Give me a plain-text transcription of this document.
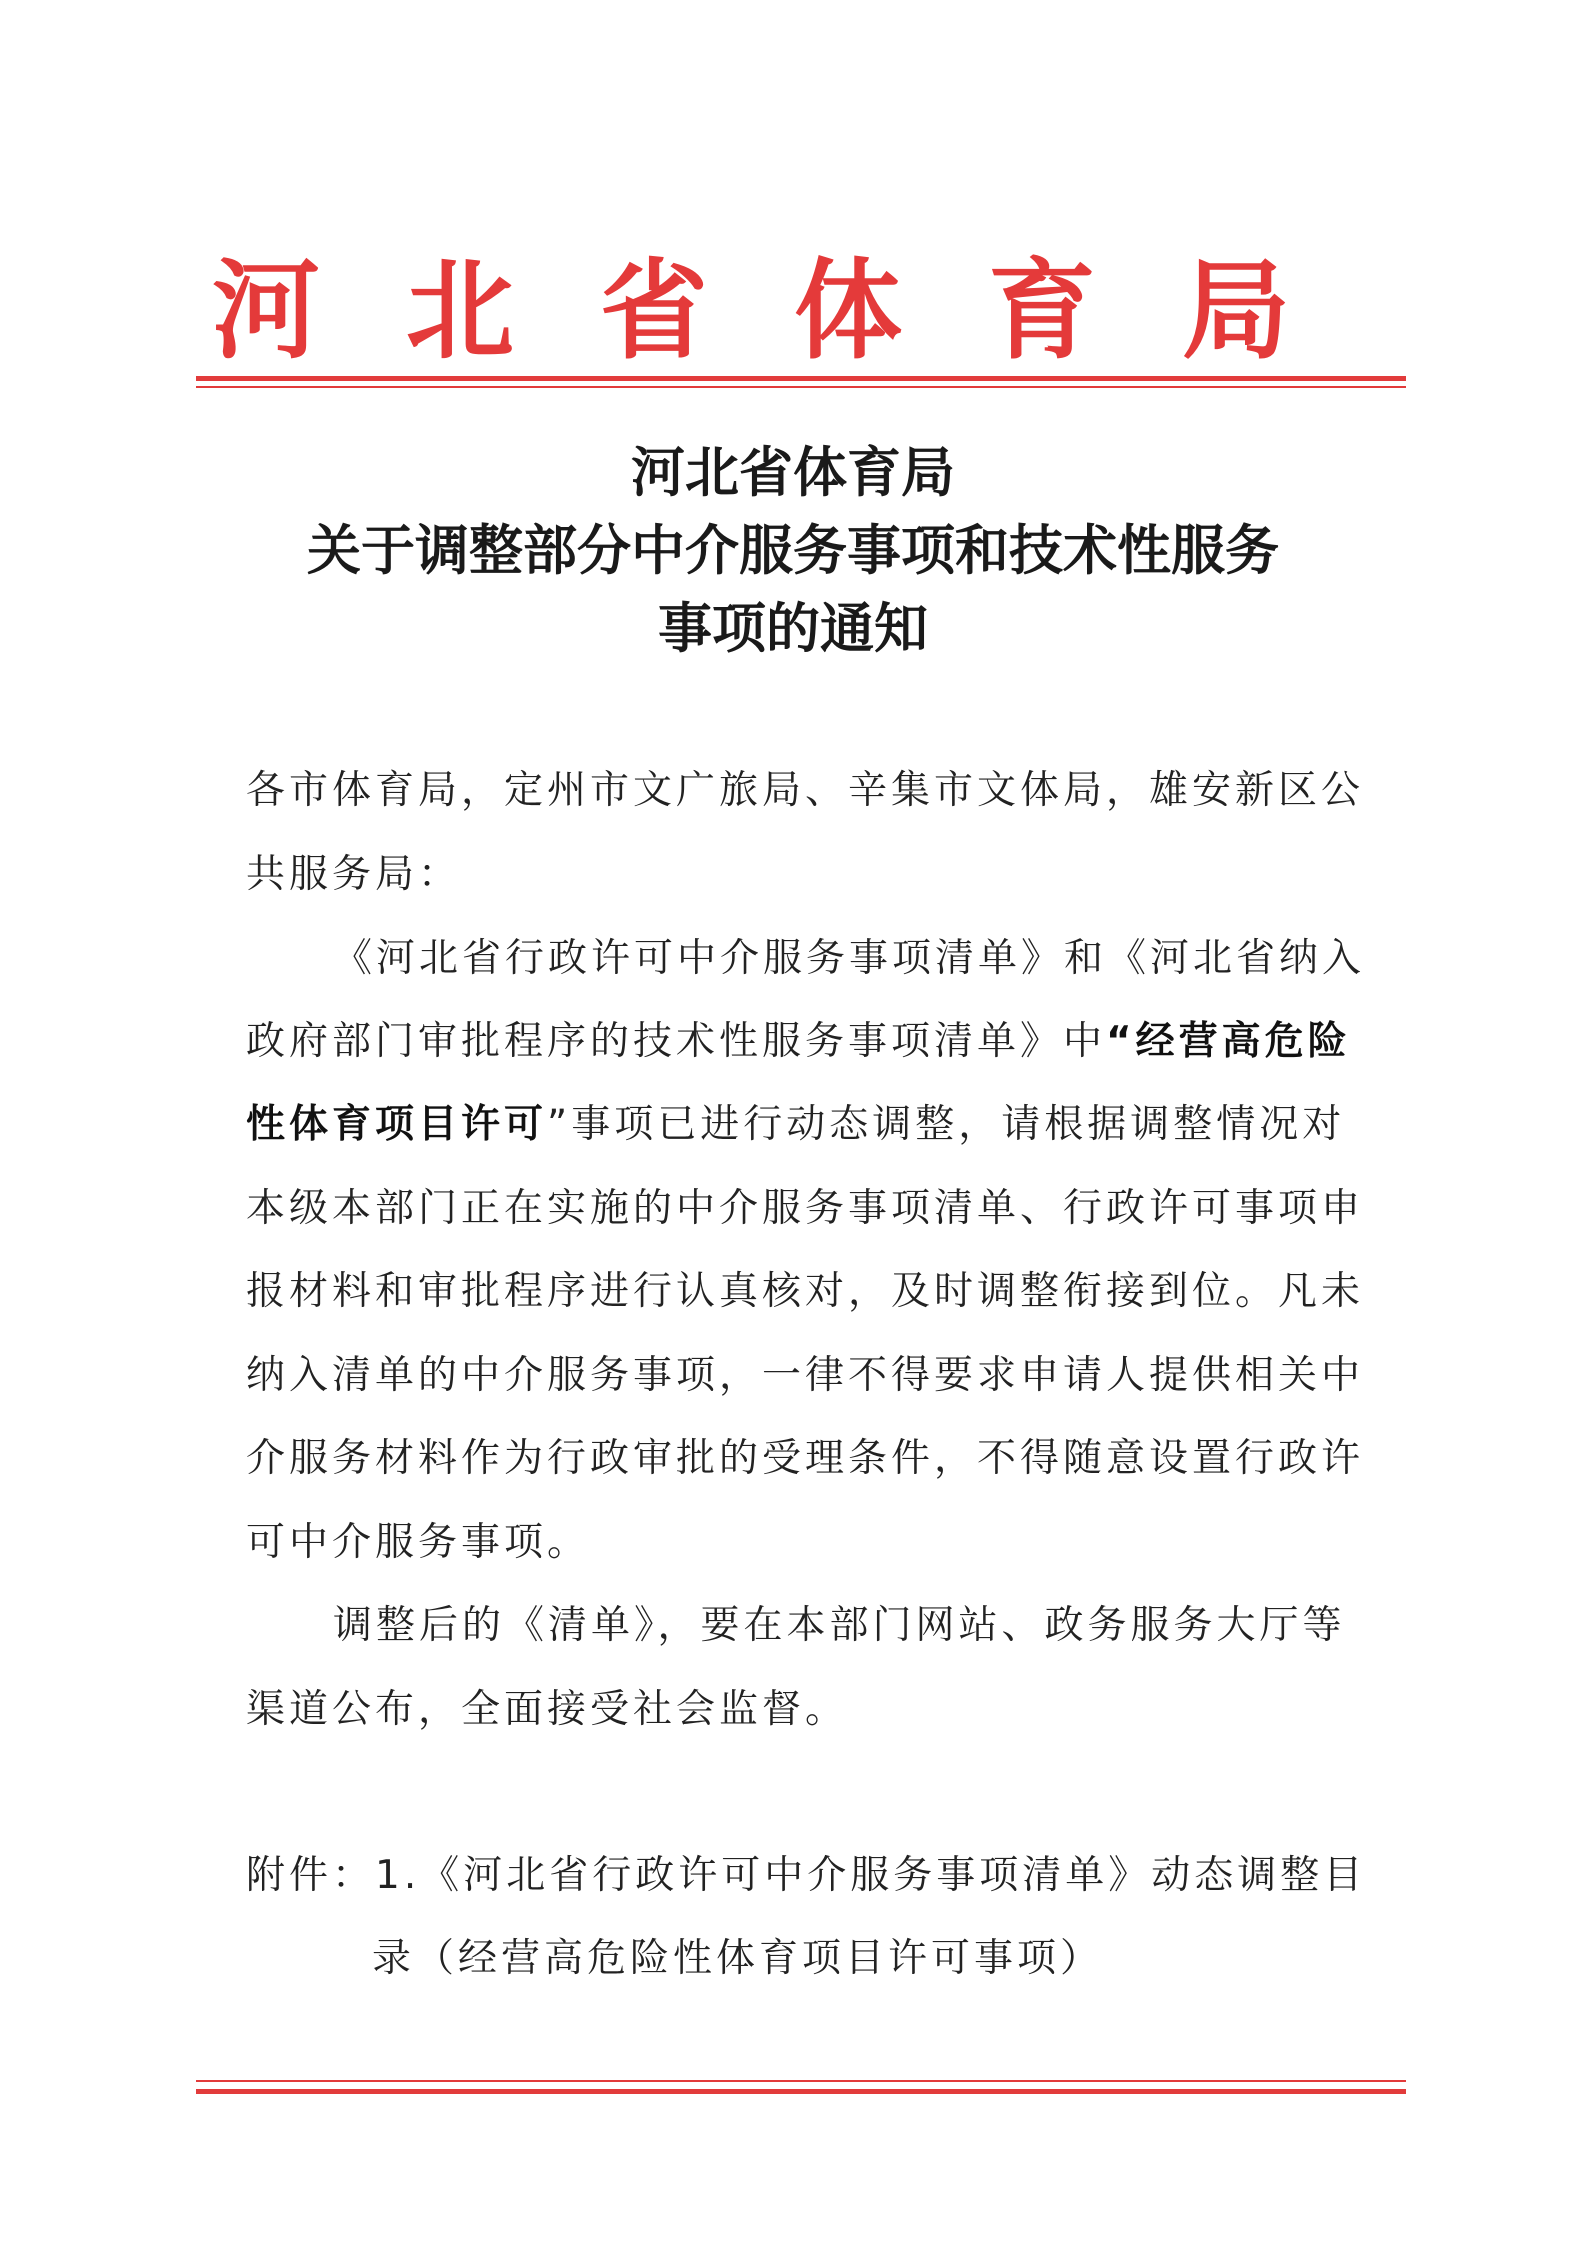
河 北 省 体 育 局
河北省体育局
关于调整部分中介服务事项和技术性服务
事项的通知
各市体育局，定州市文广旅局、辛集市文体局，雄安新区公
共服务局：
《河北省行政许可中介服务事项清单》和《河北省纳入
政府部门审批程序的技术性服务事项清单》中“经营高危险
性体育项目许可”事项已进行动态调整，请根据调整情况对
本级本部门正在实施的中介服务事项清单、行政许可事项申
报材料和审批程序进行认真核对，及时调整衔接到位。凡未
纳入清单的中介服务事项，一律不得要求申请人提供相关中
介服务材料作为行政审批的受理条件，不得随意设置行政许
可中介服务事项。
调整后的《清单》，要在本部门网站、政务服务大厅等
渠道公布，全面接受社会监督。
附件：1.《河北省行政许可中介服务事项清单》动态调整目
录（经营高危险性体育项目许可事项）
